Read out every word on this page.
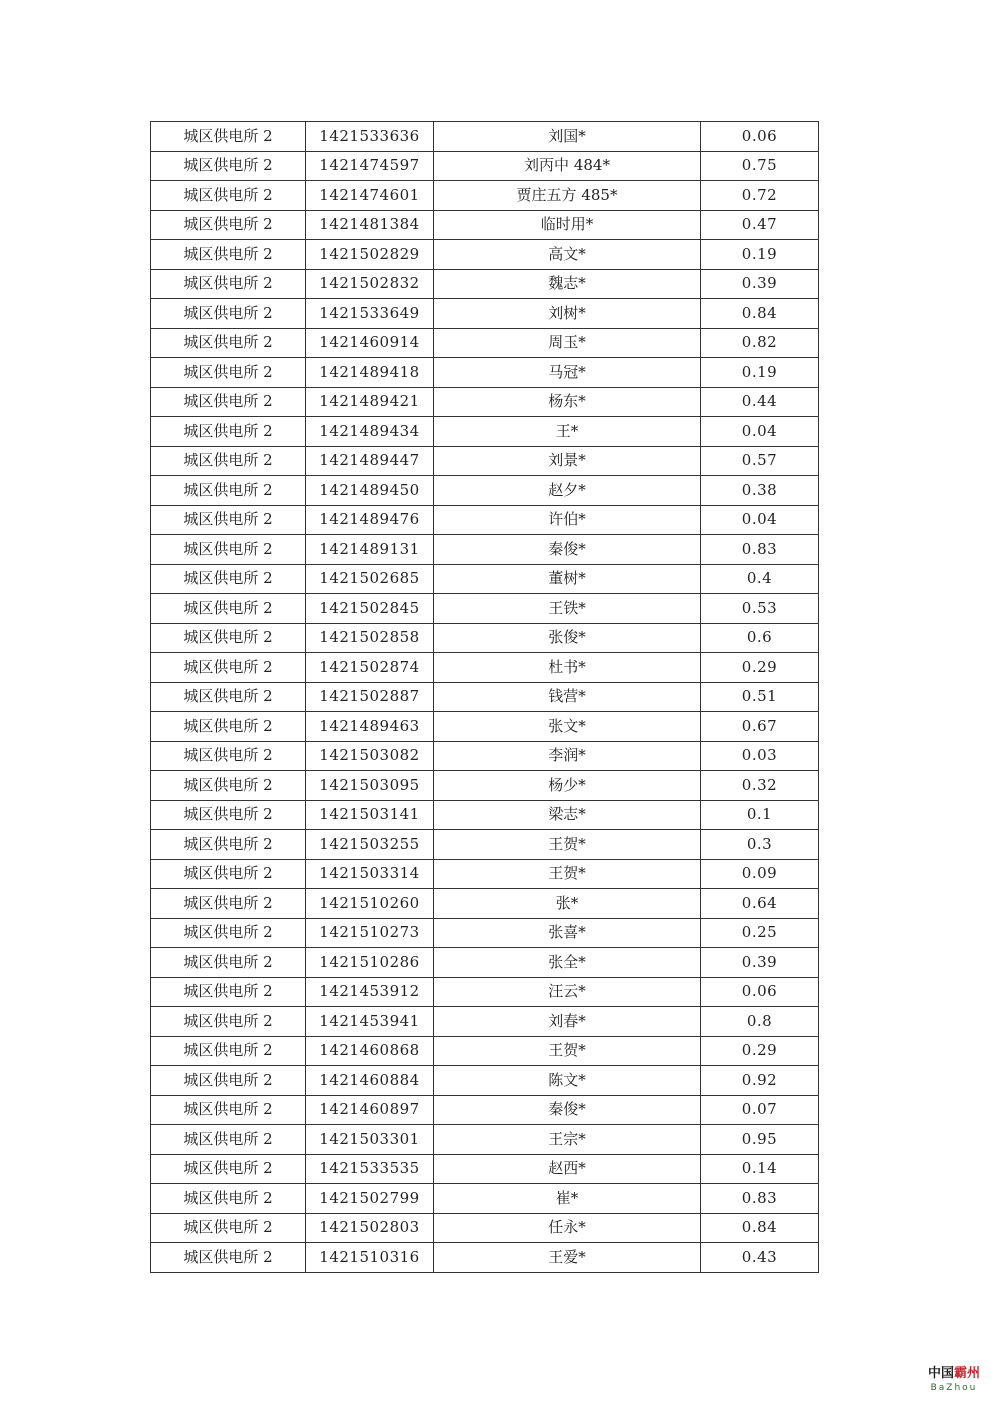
城区供电所 2	1421533636	刘国*	0.06
城区供电所 2	1421474597	刘丙中 484*	0.75
城区供电所 2	1421474601	贾庄五方 485*	0.72
城区供电所 2	1421481384	临时用*	0.47
城区供电所 2	1421502829	高文*	0.19
城区供电所 2	1421502832	魏志*	0.39
城区供电所 2	1421533649	刘树*	0.84
城区供电所 2	1421460914	周玉*	0.82
城区供电所 2	1421489418	马冠*	0.19
城区供电所 2	1421489421	杨东*	0.44
城区供电所 2	1421489434	王*	0.04
城区供电所 2	1421489447	刘景*	0.57
城区供电所 2	1421489450	赵夕*	0.38
城区供电所 2	1421489476	许伯*	0.04
城区供电所 2	1421489131	秦俊*	0.83
城区供电所 2	1421502685	董树*	0.4
城区供电所 2	1421502845	王铁*	0.53
城区供电所 2	1421502858	张俊*	0.6
城区供电所 2	1421502874	杜书*	0.29
城区供电所 2	1421502887	钱营*	0.51
城区供电所 2	1421489463	张文*	0.67
城区供电所 2	1421503082	李润*	0.03
城区供电所 2	1421503095	杨少*	0.32
城区供电所 2	1421503141	梁志*	0.1
城区供电所 2	1421503255	王贺*	0.3
城区供电所 2	1421503314	王贺*	0.09
城区供电所 2	1421510260	张*	0.64
城区供电所 2	1421510273	张喜*	0.25
城区供电所 2	1421510286	张全*	0.39
城区供电所 2	1421453912	汪云*	0.06
城区供电所 2	1421453941	刘春*	0.8
城区供电所 2	1421460868	王贺*	0.29
城区供电所 2	1421460884	陈文*	0.92
城区供电所 2	1421460897	秦俊*	0.07
城区供电所 2	1421503301	王宗*	0.95
城区供电所 2	1421533535	赵西*	0.14
城区供电所 2	1421502799	崔*	0.83
城区供电所 2	1421502803	任永*	0.84
城区供电所 2	1421510316	王爱*	0.43
中国霸州
BaZhou
